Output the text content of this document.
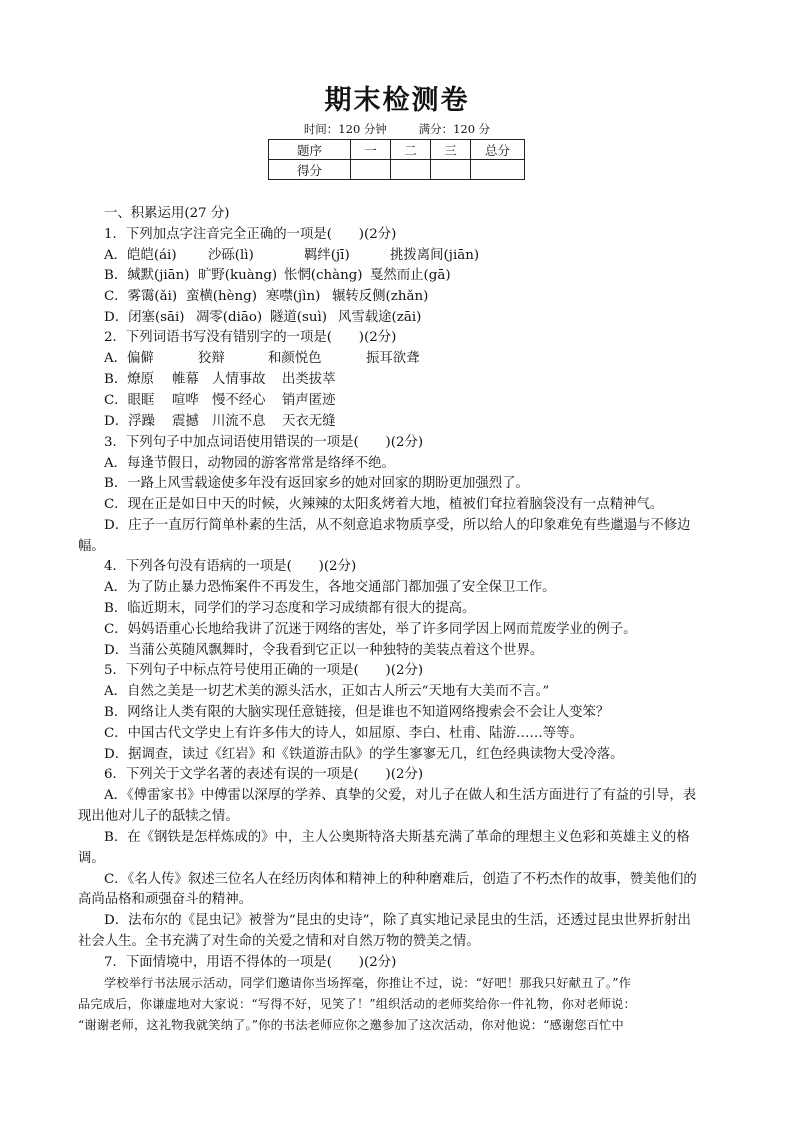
期末检测卷
时间：120 分钟	满分：120 分
题序	一	二	三	总分
得分				
一、积累运用(27 分)
1．下列加点字注音完全正确的一项是(　　)(2分)
A．皑皑(ái) 沙砾(lì)	羁绊(jī)	挑拨离间(jiān)
B．缄默(jiān) 旷野(kuàng) 怅惘(chàng) 戛然而止(gā)
C．雾霭(ǎi) 蛮横(hèng) 寒噤(jìn) 辗转反侧(zhǎn)
D．闭塞(sāi) 凋零(diāo) 隧道(suì) 风雪载途(zāi)
2．下列词语书写没有错别字的一项是(　　)(2分)
A．偏僻	狡辩	和颜悦色	振耳欲聋
B．燎原 帷幕 人情事故 出类拔萃
C．眼眶 喧哗 慢不经心 销声匿迹
D．浮躁 震撼 川流不息 天衣无缝
3．下列句子中加点词语使用错误的一项是(　　)(2分)
A．每逢节假日，动物园的游客常常是络绎不绝。
B．一路上风雪载途使多年没有返回家乡的她对回家的期盼更加强烈了。
C．现在正是如日中天的时候，火辣辣的太阳炙烤着大地，植被们耷拉着脑袋没有一点精神气。
D．庄子一直厉行简单朴素的生活，从不刻意追求物质享受，所以给人的印象难免有些邋遢与不修边
幅。
4．下列各句没有语病的一项是(　　)(2分)
A．为了防止暴力恐怖案件不再发生，各地交通部门都加强了安全保卫工作。
B．临近期末，同学们的学习态度和学习成绩都有很大的提高。
C．妈妈语重心长地给我讲了沉迷于网络的害处，举了许多同学因上网而荒废学业的例子。
D．当蒲公英随风飘舞时，令我看到它正以一种独特的美装点着这个世界。
5．下列句子中标点符号使用正确的一项是(　　)(2分)
A．自然之美是一切艺术美的源头活水，正如古人所云“天地有大美而不言。”
B．网络让人类有限的大脑实现任意链接，但是谁也不知道网络搜索会不会让人变笨？
C．中国古代文学史上有许多伟大的诗人，如屈原、李白、杜甫、陆游……等等。
D．据调查，读过《红岩》和《铁道游击队》的学生寥寥无几，红色经典读物大受冷落。
6．下列关于文学名著的表述有误的一项是(　　)(2分)
A．《傅雷家书》中傅雷以深厚的学养、真挚的父爱，对儿子在做人和生活方面进行了有益的引导，表
现出他对儿子的舐犊之情。
B．在《钢铁是怎样炼成的》中，主人公奥斯特洛夫斯基充满了革命的理想主义色彩和英雄主义的格
调。
C．《名人传》叙述三位名人在经历肉体和精神上的种种磨难后，创造了不朽杰作的故事，赞美他们的
高尚品格和顽强奋斗的精神。
D．法布尔的《昆虫记》被誉为“昆虫的史诗”，除了真实地记录昆虫的生活，还透过昆虫世界折射出
社会人生。全书充满了对生命的关爱之情和对自然万物的赞美之情。
7．下面情境中，用语不得体的一项是(　　)(2分)
学校举行书法展示活动，同学们邀请你当场挥毫，你推让不过，说：“好吧！那我只好献丑了。”作
品完成后，你谦虚地对大家说：“写得不好，见笑了！”组织活动的老师奖给你一件礼物，你对老师说：
“谢谢老师，这礼物我就笑纳了。”你的书法老师应你之邀参加了这次活动，你对他说：“感谢您百忙中
